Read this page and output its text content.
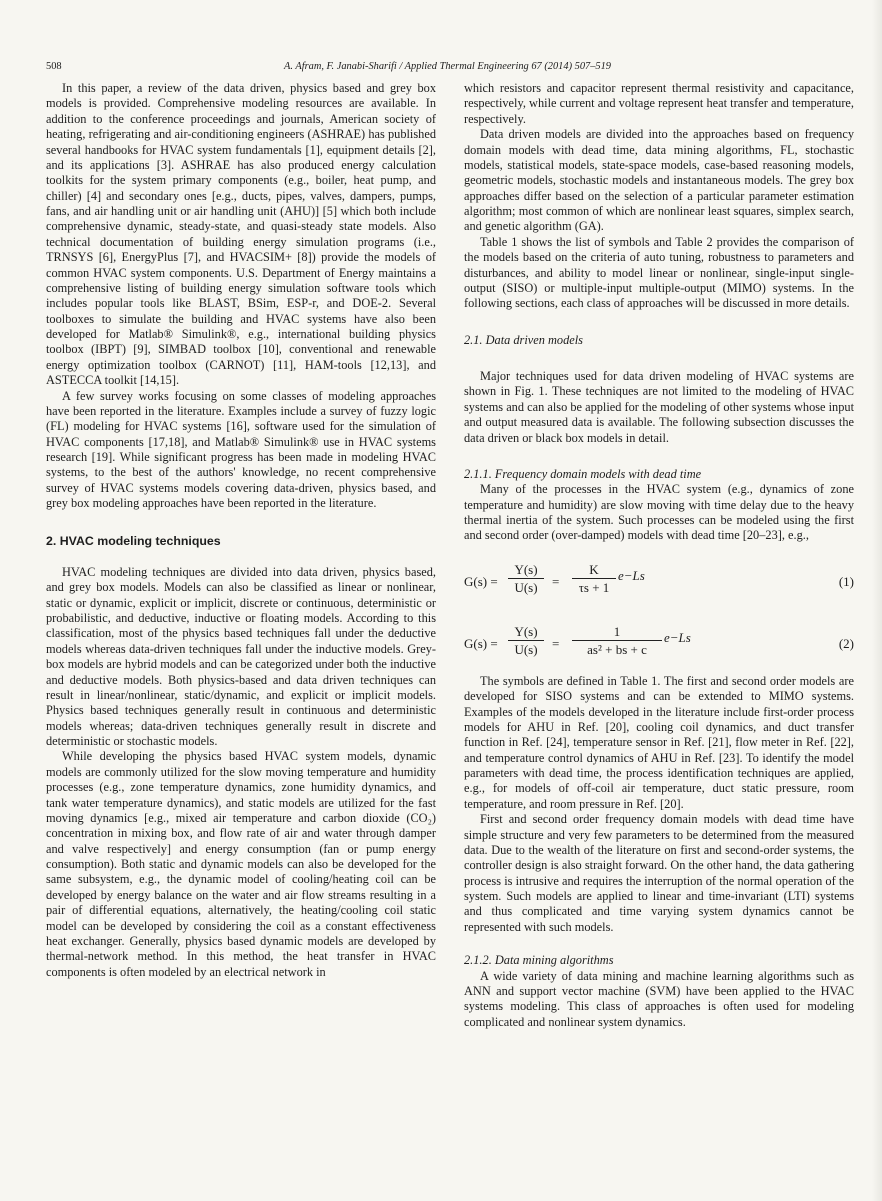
508	A. Afram, F. Janabi-Sharifi / Applied Thermal Engineering 67 (2014) 507–519

In this paper, a review of the data driven, physics based and grey box models is provided. Comprehensive modeling resources are available. In addition to the conference proceedings and journals, American society of heating, refrigerating and air-conditioning engineers (ASHRAE) has published several handbooks for HVAC system fundamentals [1], equipment details [2], and its applications [3]. ASHRAE has also produced energy calculation toolkits for the system primary components (e.g., boiler, heat pump, and chiller) [4] and secondary ones [e.g., ducts, pipes, valves, dampers, pumps, fans, and air handling unit or air handling unit (AHU)] [5] which both include comprehensive dynamic, steady-state, and quasi-steady state models. Also technical documentation of building energy simulation programs (i.e., TRNSYS [6], EnergyPlus [7], and HVACSIM+ [8]) provide the models of common HVAC system components. U.S. Department of Energy maintains a comprehensive listing of building energy simulation software tools which includes popular tools like BLAST, BSim, ESP-r, and DOE-2. Several toolboxes to simulate the building and HVAC systems have also been developed for Matlab® Simulink®, e.g., international building physics toolbox (IBPT) [9], SIMBAD toolbox [10], conventional and renewable energy optimization toolbox (CARNOT) [11], HAM-tools [12,13], and ASTECCA toolkit [14,15].

A few survey works focusing on some classes of modeling approaches have been reported in the literature. Examples include a survey of fuzzy logic (FL) modeling for HVAC systems [16], software used for the simulation of HVAC components [17,18], and Matlab® Simulink® use in HVAC systems research [19]. While significant progress has been made in modeling HVAC systems, to the best of the authors' knowledge, no recent comprehensive survey of HVAC systems models covering data-driven, physics based, and grey box modeling approaches have been reported in the literature.

2. HVAC modeling techniques

HVAC modeling techniques are divided into data driven, physics based, and grey box models. Models can also be classified as linear or nonlinear, static or dynamic, explicit or implicit, discrete or continuous, deterministic or probabilistic, and deductive, inductive or floating models. According to this classification, most of the physics based techniques fall under the deductive models whereas data-driven techniques fall under the inductive models. Grey-box models are hybrid models and can be categorized under both the inductive and deductive models. Both physics-based and data driven techniques can result in linear/nonlinear, static/dynamic, and explicit or implicit models. Physics based techniques generally result in continuous and deterministic models whereas; data-driven techniques generally result in discrete and deterministic or stochastic models.

While developing the physics based HVAC system models, dynamic models are commonly utilized for the slow moving temperature and humidity processes (e.g., zone temperature dynamics, zone humidity dynamics, and tank water temperature dynamics), and static models are utilized for the fast moving dynamics [e.g., mixed air temperature and carbon dioxide (CO₂) concentration in mixing box, and flow rate of air and water through damper and valve respectively] and energy consumption (fan or pump energy consumption). Both static and dynamic models can also be developed for the same subsystem, e.g., the dynamic model of cooling/heating coil can be developed by energy balance on the water and air flow streams resulting in a pair of differential equations, alternatively, the heating/cooling coil static model can be developed by considering the coil as a constant effectiveness heat exchanger. Generally, physics based dynamic models are developed by thermal-network method. In this method, the heat transfer in HVAC components is often modeled by an electrical network in

which resistors and capacitor represent thermal resistivity and capacitance, respectively, while current and voltage represent heat transfer and temperature, respectively.

Data driven models are divided into the approaches based on frequency domain models with dead time, data mining algorithms, FL, stochastic models, statistical models, state-space models, case-based reasoning models, geometric models, stochastic models and instantaneous models. The grey box approaches differ based on the selection of a particular parameter estimation algorithm; most common of which are nonlinear least squares, simplex search, and genetic algorithm (GA).

Table 1 shows the list of symbols and Table 2 provides the comparison of the models based on the criteria of auto tuning, robustness to parameters and disturbances, and ability to model linear or nonlinear, single-input single-output (SISO) or multiple-input multiple-output (MIMO) systems. In the following sections, each class of approaches will be discussed in more details.

2.1. Data driven models

Major techniques used for data driven modeling of HVAC systems are shown in Fig. 1. These techniques are not limited to the modeling of HVAC systems and can also be applied for the modeling of other systems whose input and output measured data is available. The following subsection discusses the data driven or black box models in detail.

2.1.1. Frequency domain models with dead time

Many of the processes in the HVAC system (e.g., dynamics of zone temperature and humidity) are slow moving with time delay due to the heavy thermal inertia of the system. Such processes can be modeled using the first and second order (over-damped) models with dead time [20–23], e.g.,

$G(s) = \frac{Y(s)}{U(s)} = \frac{K}{\tau s + 1} e-Ls$	(1)
$G(s) = \frac{Y(s)}{U(s)} = \frac{1}{\text{as² + bs + c}} e-Ls$	(2)

The symbols are defined in Table 1. The first and second order models are developed for SISO systems and can be extended to MIMO systems. Examples of the models developed in the literature include first-order process models for AHU in Ref. [20], cooling coil dynamics, and duct transfer function in Ref. [24], temperature sensor in Ref. [21], flow meter in Ref. [22], and temperature control dynamics of AHU in Ref. [23]. To identify the model parameters with dead time, the process identification techniques are applied, e.g., for models of off-coil air temperature, duct static pressure, room temperature, and room pressure in Ref. [20].

First and second order frequency domain models with dead time have simple structure and very few parameters to be determined from the measured data. Due to the wealth of the literature on first and second-order systems, the controller design is also straight forward. On the other hand, the data gathering process is intrusive and requires the interruption of the normal operation of the system. Such models are applied to linear and time-invariant (LTI) systems and thus complicated and time varying system dynamics cannot be represented with such models.

2.1.2. Data mining algorithms

A wide variety of data mining and machine learning algorithms such as ANN and support vector machine (SVM) have been applied to the HVAC systems modeling. This class of approaches is often used for modeling complicated and nonlinear system dynamics.
